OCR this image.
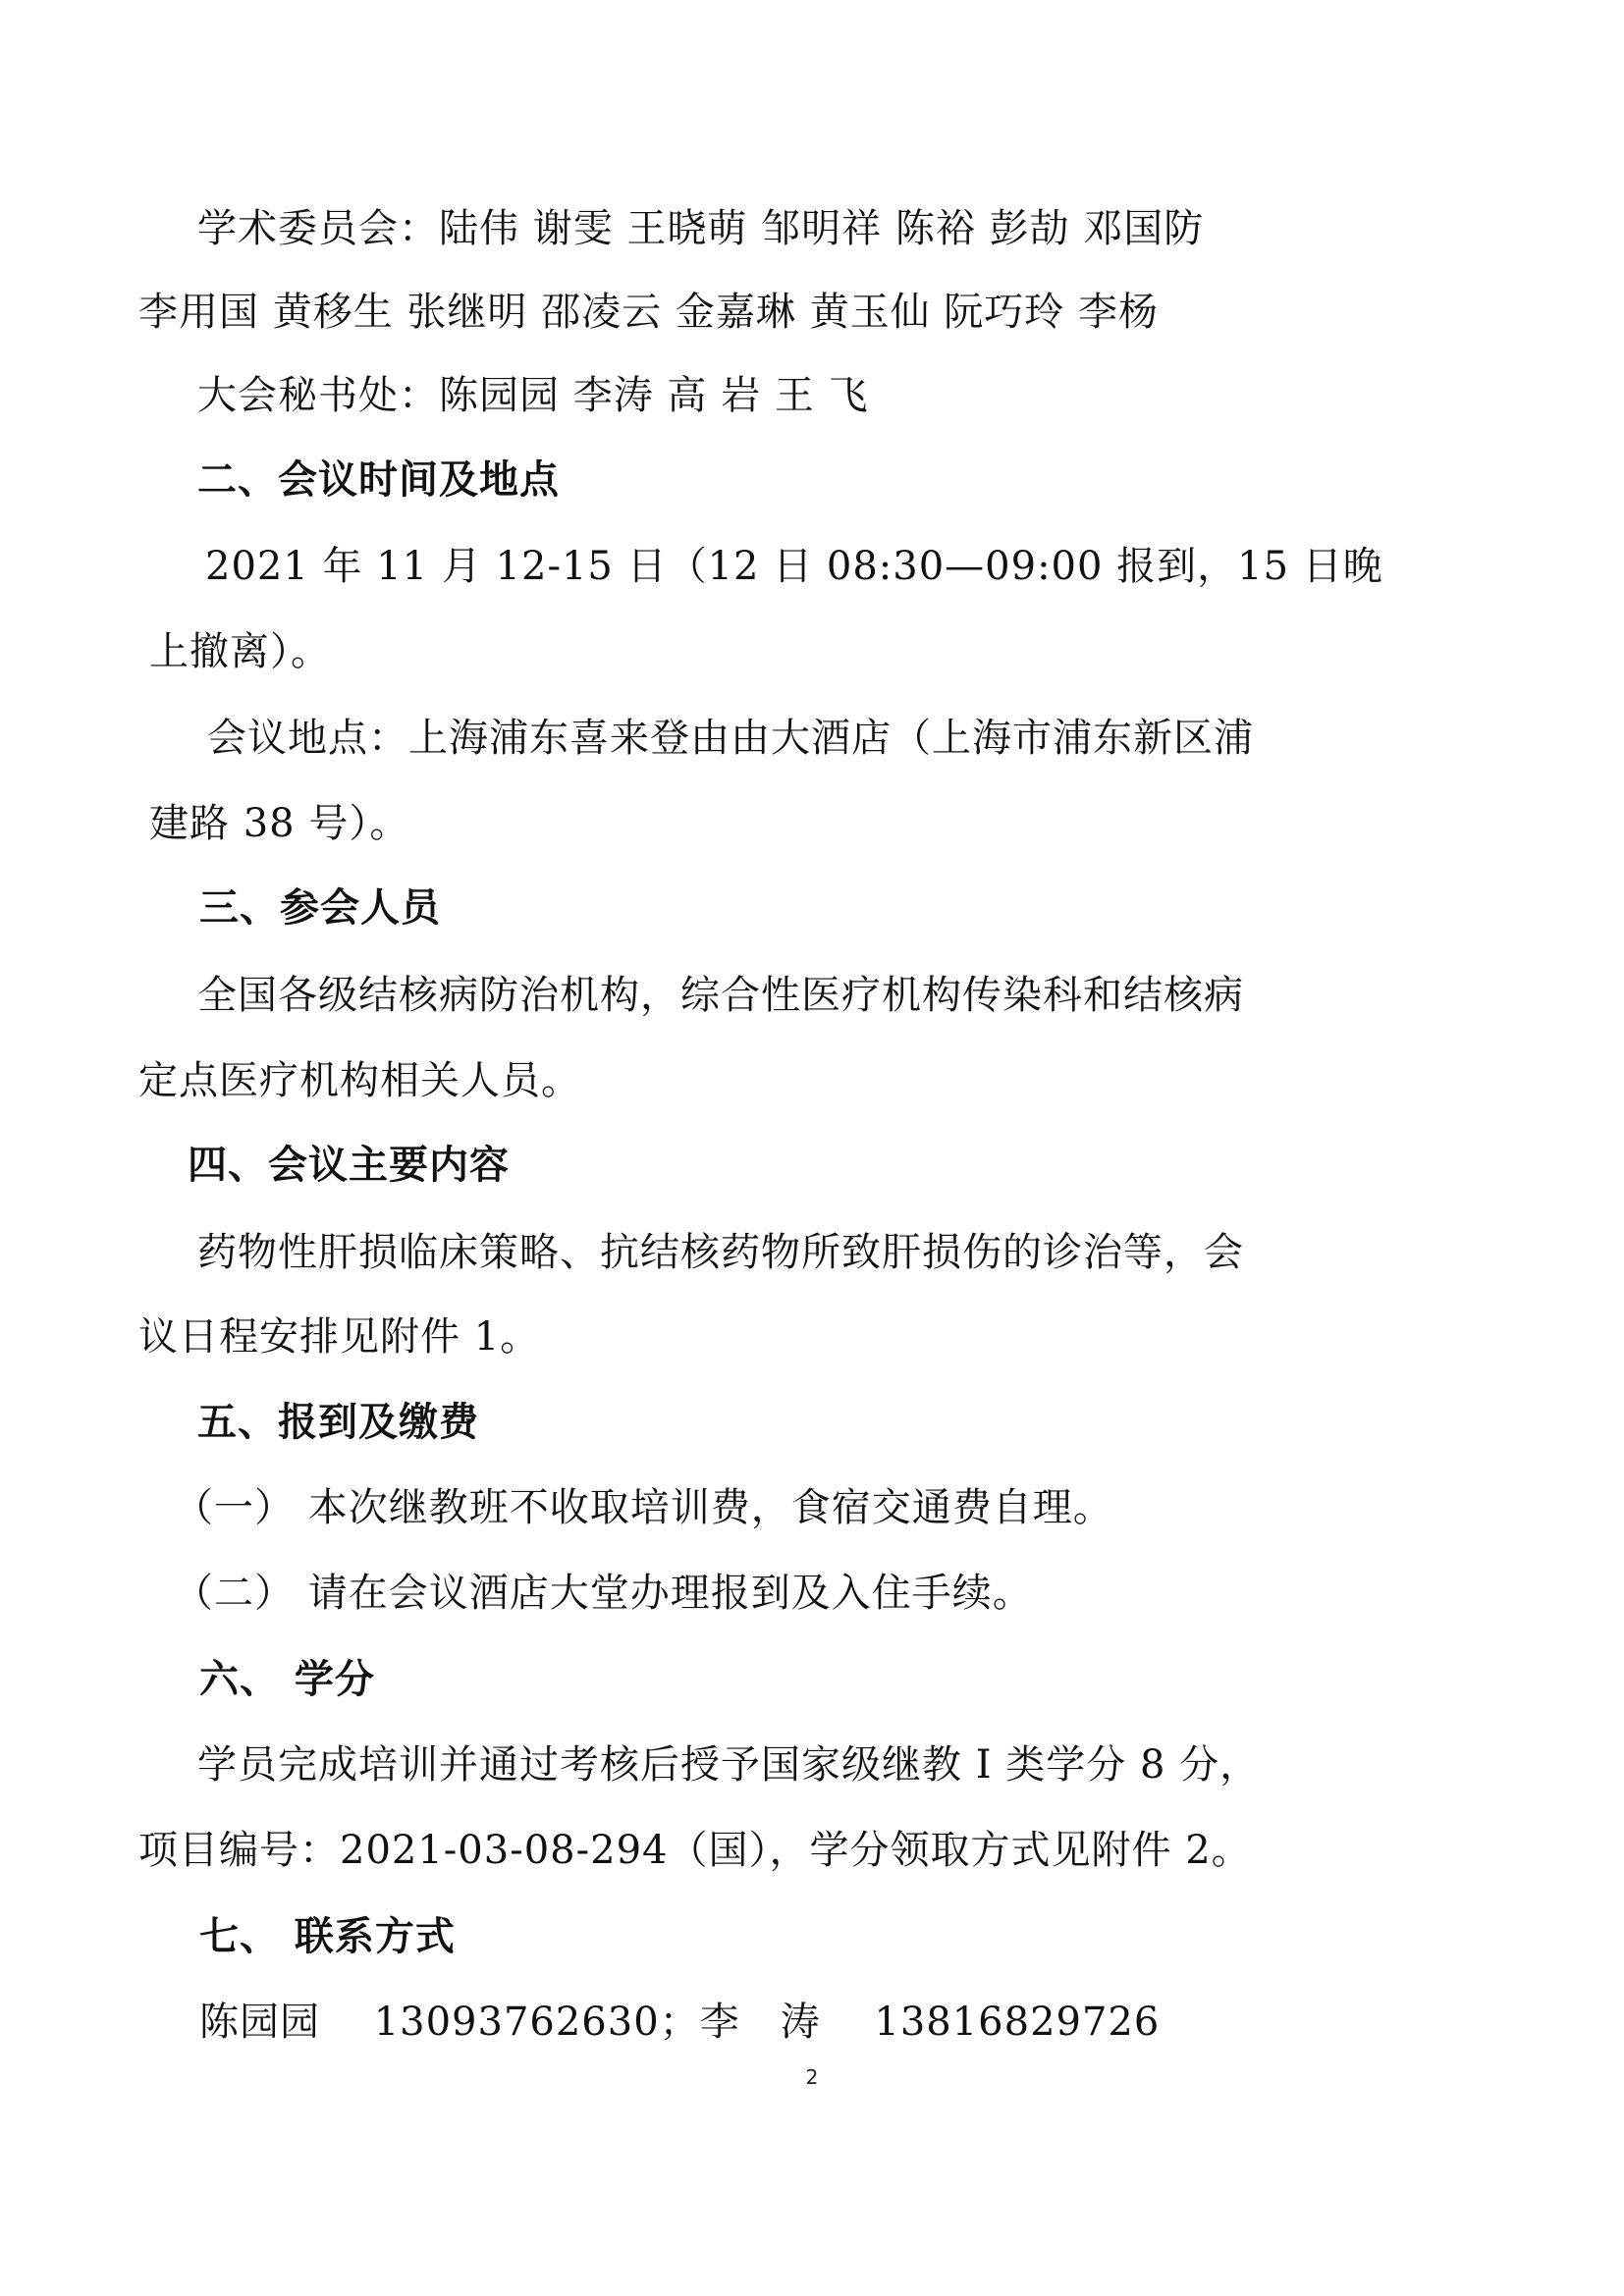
学术委员会：陆伟 谢雯 王晓萌 邹明祥 陈裕 彭劼 邓国防
李用国 黄移生 张继明 邵凌云 金嘉琳 黄玉仙 阮巧玲 李杨
大会秘书处：陈园园 李涛 高 岩 王 飞
二、会议时间及地点
2021 年 11 月 12-15 日（12 日 08:30—09:00 报到，15 日晚
上撤离）。
会议地点：上海浦东喜来登由由大酒店（上海市浦东新区浦
建路 38 号）。
三、参会人员
全国各级结核病防治机构，综合性医疗机构传染科和结核病
定点医疗机构相关人员。
四、会议主要内容
药物性肝损临床策略、抗结核药物所致肝损伤的诊治等，会
议日程安排见附件 1。
五、报到及缴费
（一） 本次继教班不收取培训费，食宿交通费自理。
（二） 请在会议酒店大堂办理报到及入住手续。
六、 学分
学员完成培训并通过考核后授予国家级继教 I 类学分 8 分，
项目编号：2021-03-08-294（国），学分领取方式见附件 2。
七、 联系方式
陈园园　 13093762630；李　涛　 13816829726
2
